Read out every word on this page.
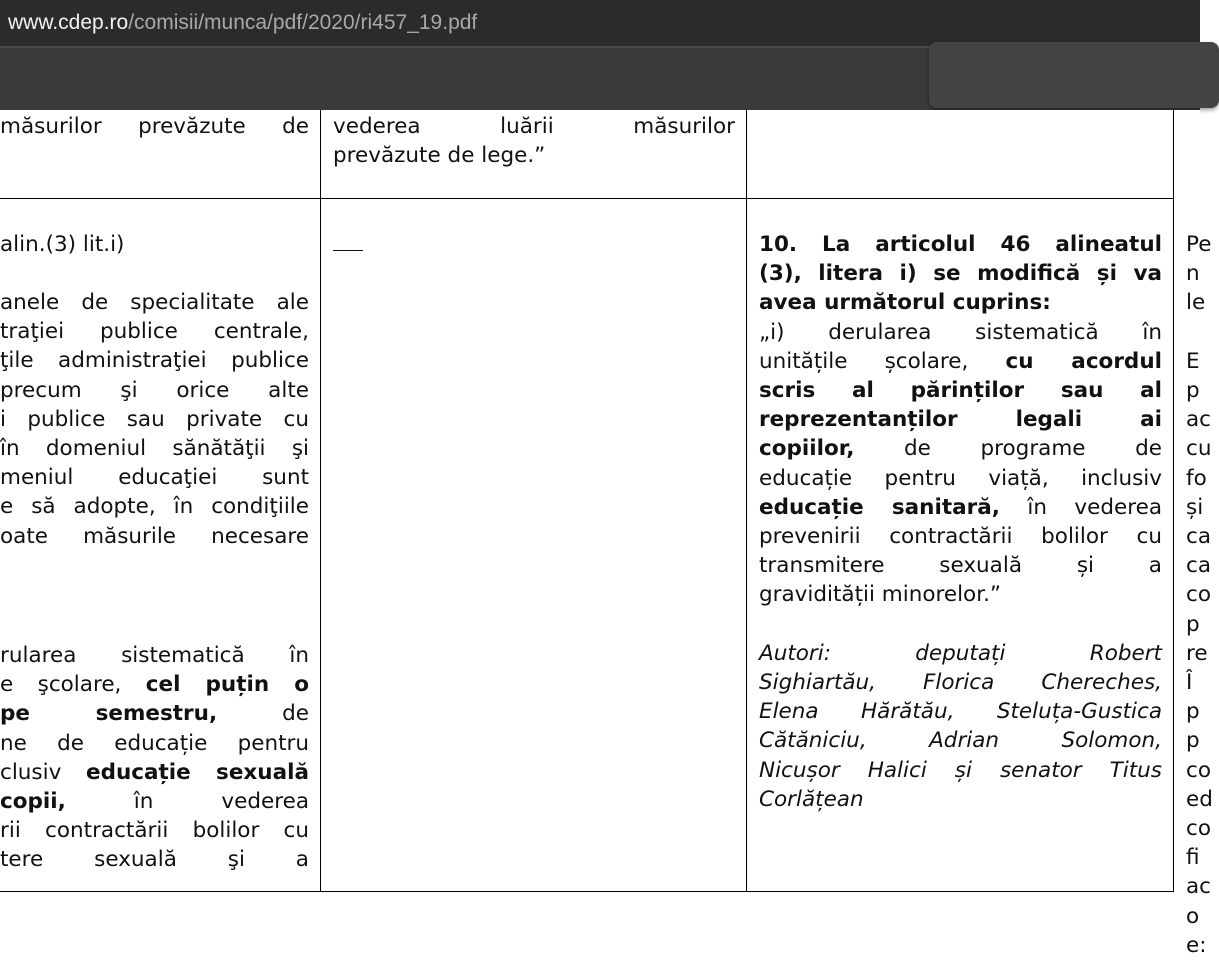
www.cdep.ro/comisii/munca/pdf/2020/ri457_19.pdf
măsurilor prevăzute de vederea luării măsurilor
prevăzute de lege.”
alin.(3) lit.i)
anele de specialitate ale
traţiei publice centrale,
ţile administraţiei publice
precum şi orice alte
i publice sau private cu
în domeniul sănătăţii şi
meniul educaţiei sunt
e să adopte, în condiţiile
oate măsurile necesare
rularea sistematică în
e şcolare, cel puțin o
pe semestru, de
ne de educație pentru
clusiv educație sexuală
copii, în vederea
rii contractării bolilor cu
tere sexuală şi a
10. La articolul 46 alineatul
(3), litera i) se modifică și va
avea următorul cuprins:
„i) derularea sistematică în
unitățile școlare, cu acordul
scris al părinților sau al
reprezentanților legali ai
copiilor, de programe de
educație pentru viață, inclusiv
educație sanitară, în vederea
prevenirii contractării bolilor cu
transmitere sexuală și a
gravidității minorelor.”
Autori: deputați Robert
Sighiartău, Florica Chereches,
Elena Hărătău, Steluța-Gustica
Cătăniciu, Adrian Solomon,
Nicușor Halici și senator Titus
Corlățean
Pe
n
le
E
p
ac
cu
fo
și
ca
ca
co
p
re
Î
p
p
co
ed
co
fi
ac
o
e:
